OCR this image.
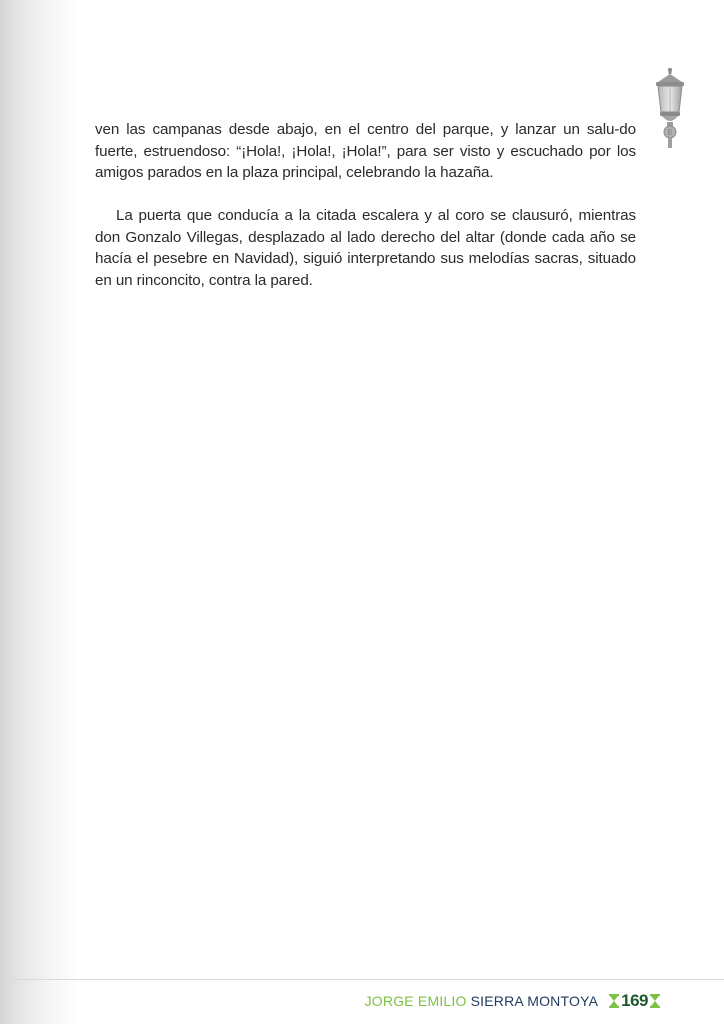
E

ven las campanas desde abajo, en el centro del parque, y lanzar un salu-do fuerte, estruendoso: “¡Hola!, ¡Hola!, ¡Hola!”, para ser visto y escuchado por los amigos parados en la plaza principal, celebrando la hazaña.

La puerta que conducía a la citada escalera y al coro se clausuró, mientras don Gonzalo Villegas, desplazado al lado derecho del altar (donde cada año se hacía el pesebre en Navidad), siguió interpretando sus melodías sacras, situado en un rinconcito, contra la pared.

JORGE EMILIO SIERRA MONTOYA 169
